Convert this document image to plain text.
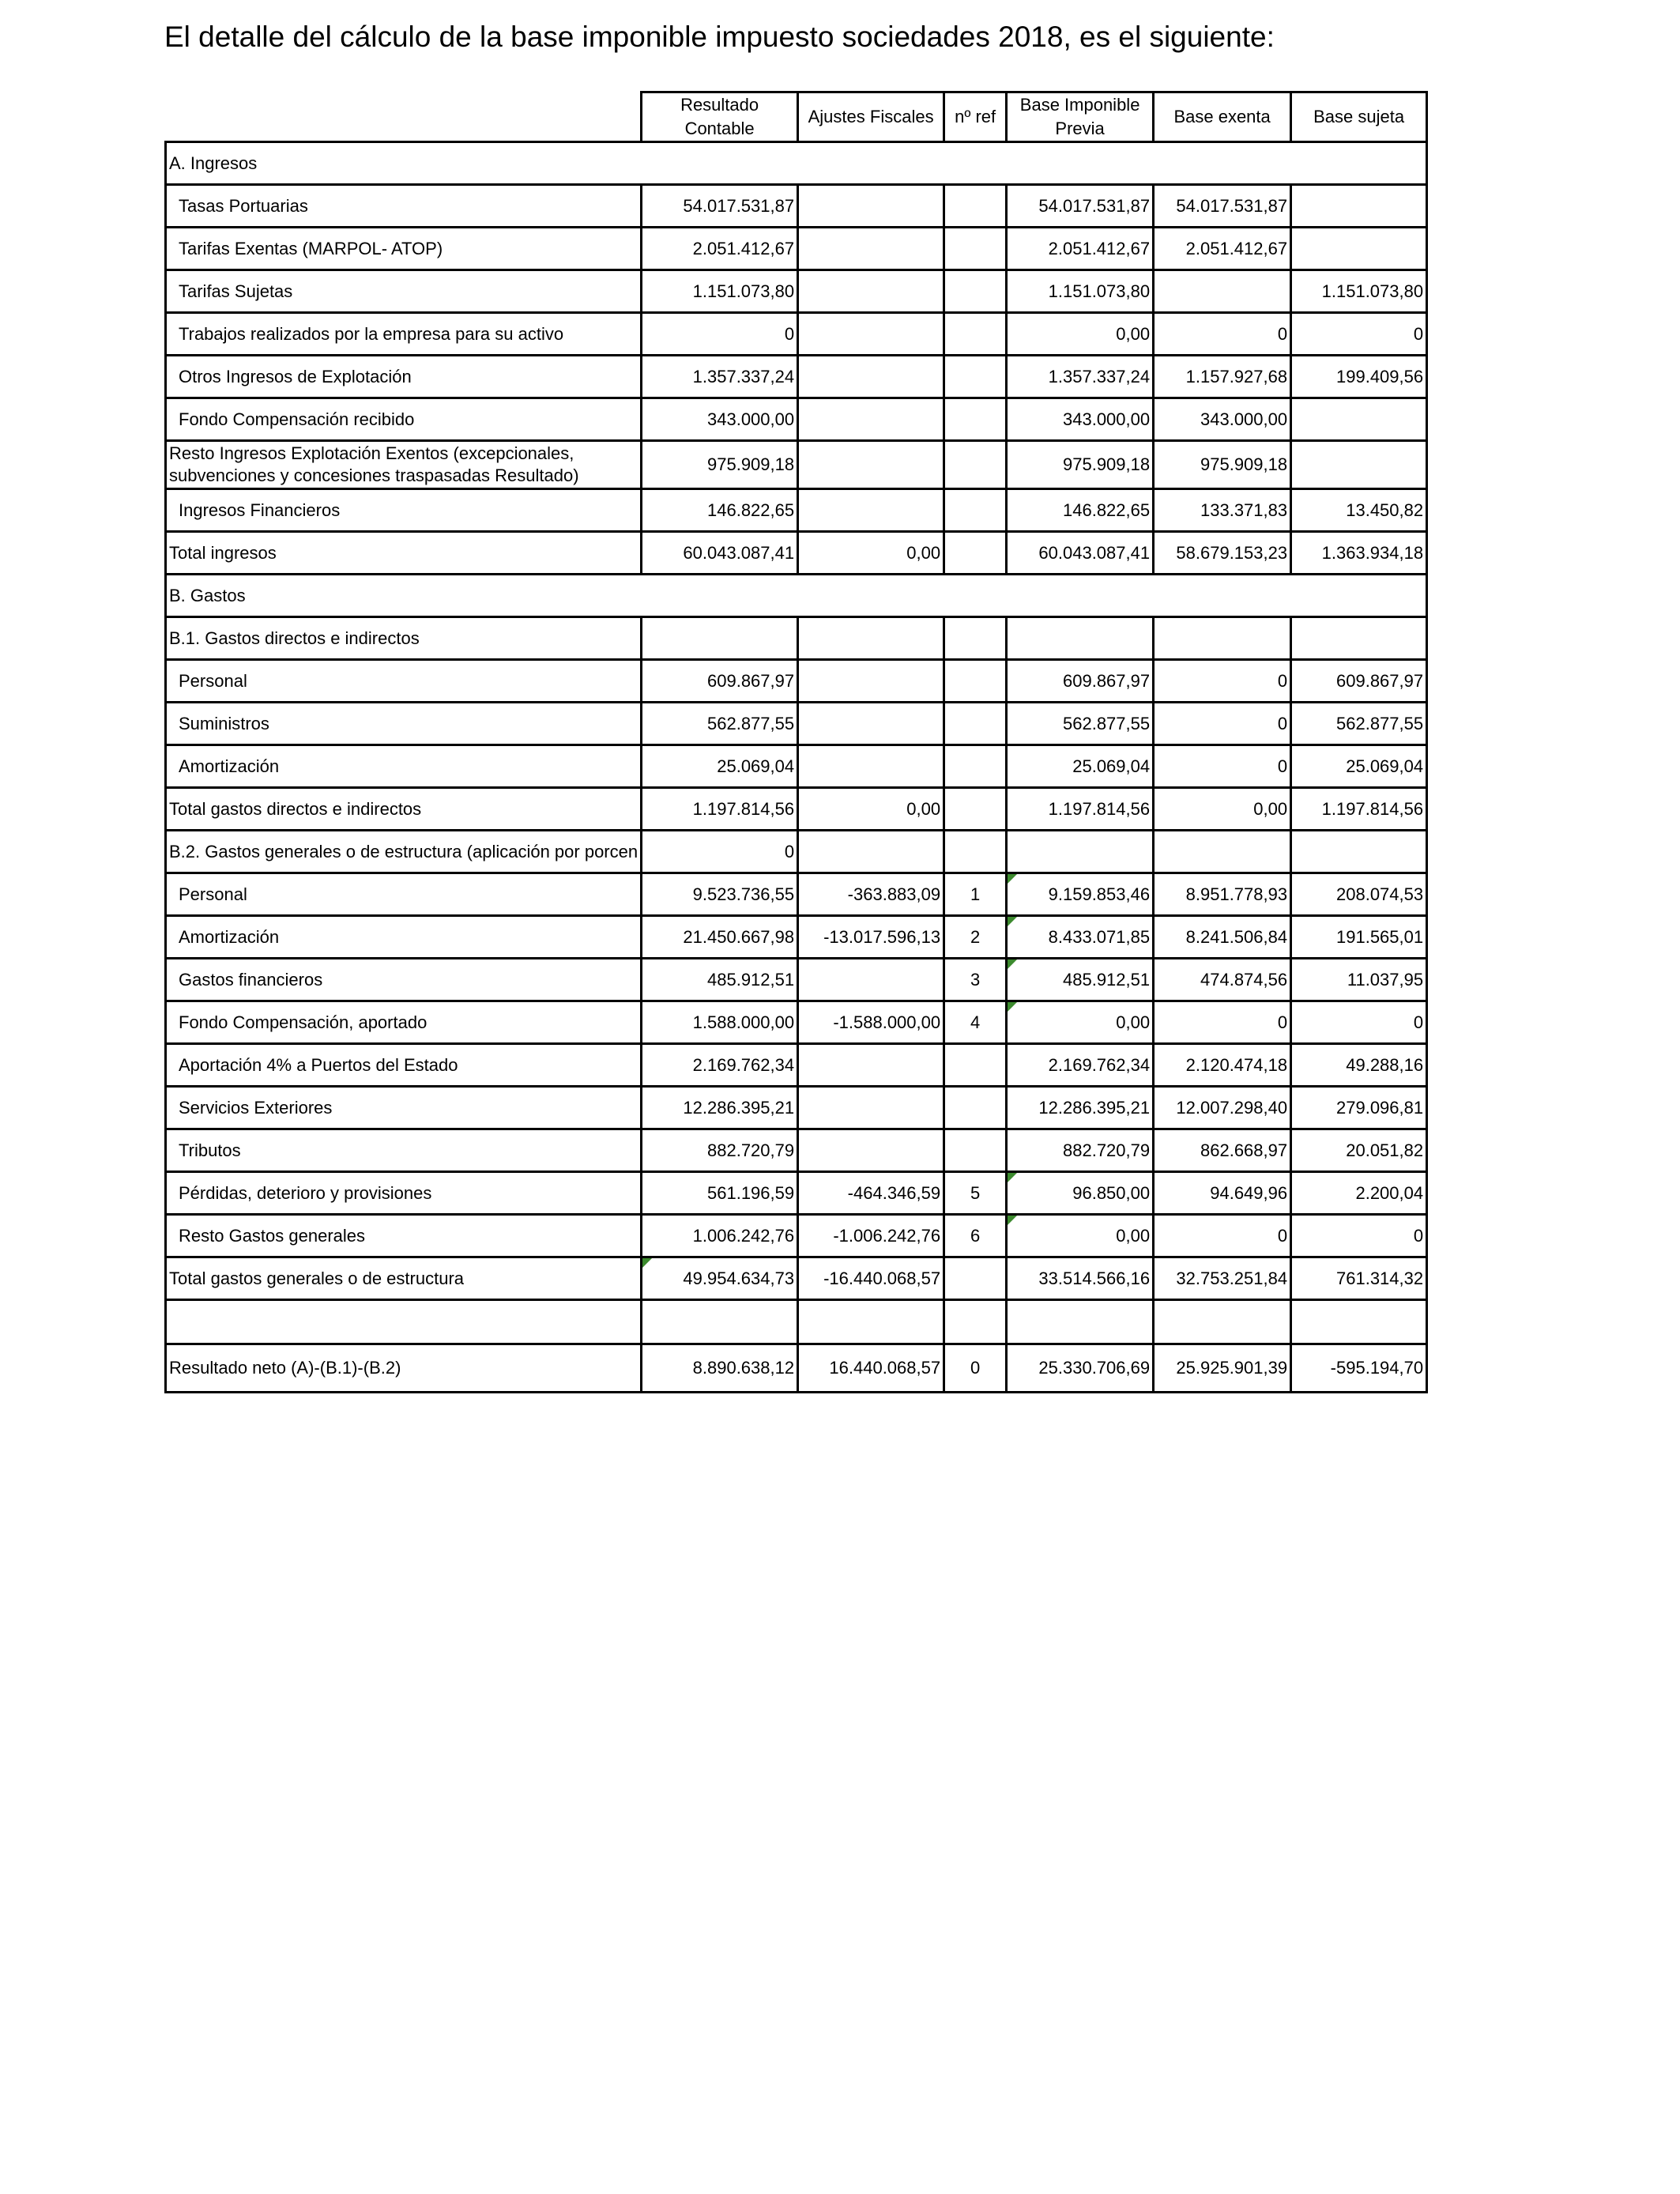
El detalle del cálculo de la base imponible impuesto sociedades 2018, es el siguiente:
	Resultado Contable	Ajustes Fiscales	nº ref	Base Imponible Previa	Base exenta	Base sujeta
A. Ingresos						
Tasas Portuarias	54.017.531,87			54.017.531,87	54.017.531,87	
Tarifas Exentas (MARPOL- ATOP)	2.051.412,67			2.051.412,67	2.051.412,67	
Tarifas Sujetas	1.151.073,80			1.151.073,80		1.151.073,80
Trabajos realizados por la empresa para su activo	0			0,00	0	0
Otros Ingresos de Explotación	1.357.337,24			1.357.337,24	1.157.927,68	199.409,56
Fondo Compensación recibido	343.000,00			343.000,00	343.000,00	
Resto Ingresos Explotación Exentos (excepcionales, subvenciones y concesiones traspasadas Resultado)	975.909,18			975.909,18	975.909,18	
Ingresos Financieros	146.822,65			146.822,65	133.371,83	13.450,82
Total ingresos	60.043.087,41	0,00		60.043.087,41	58.679.153,23	1.363.934,18
B. Gastos						
B.1. Gastos directos e indirectos						
Personal	609.867,97			609.867,97	0	609.867,97
Suministros	562.877,55			562.877,55	0	562.877,55
Amortización	25.069,04			25.069,04	0	25.069,04
Total gastos directos e indirectos	1.197.814,56	0,00		1.197.814,56	0,00	1.197.814,56
B.2. Gastos generales o de estructura (aplicación por porcen	0					
Personal	9.523.736,55	-363.883,09	1	9.159.853,46	8.951.778,93	208.074,53
Amortización	21.450.667,98	-13.017.596,13	2	8.433.071,85	8.241.506,84	191.565,01
Gastos financieros	485.912,51		3	485.912,51	474.874,56	11.037,95
Fondo Compensación, aportado	1.588.000,00	-1.588.000,00	4	0,00	0	0
Aportación 4% a Puertos del Estado	2.169.762,34			2.169.762,34	2.120.474,18	49.288,16
Servicios Exteriores	12.286.395,21			12.286.395,21	12.007.298,40	279.096,81
Tributos	882.720,79			882.720,79	862.668,97	20.051,82
Pérdidas, deterioro y provisiones	561.196,59	-464.346,59	5	96.850,00	94.649,96	2.200,04
Resto Gastos generales	1.006.242,76	-1.006.242,76	6	0,00	0	0
Total gastos generales o de estructura	49.954.634,73	-16.440.068,57		33.514.566,16	32.753.251,84	761.314,32

Resultado neto (A)-(B.1)-(B.2)	8.890.638,12	16.440.068,57	0	25.330.706,69	25.925.901,39	-595.194,70
